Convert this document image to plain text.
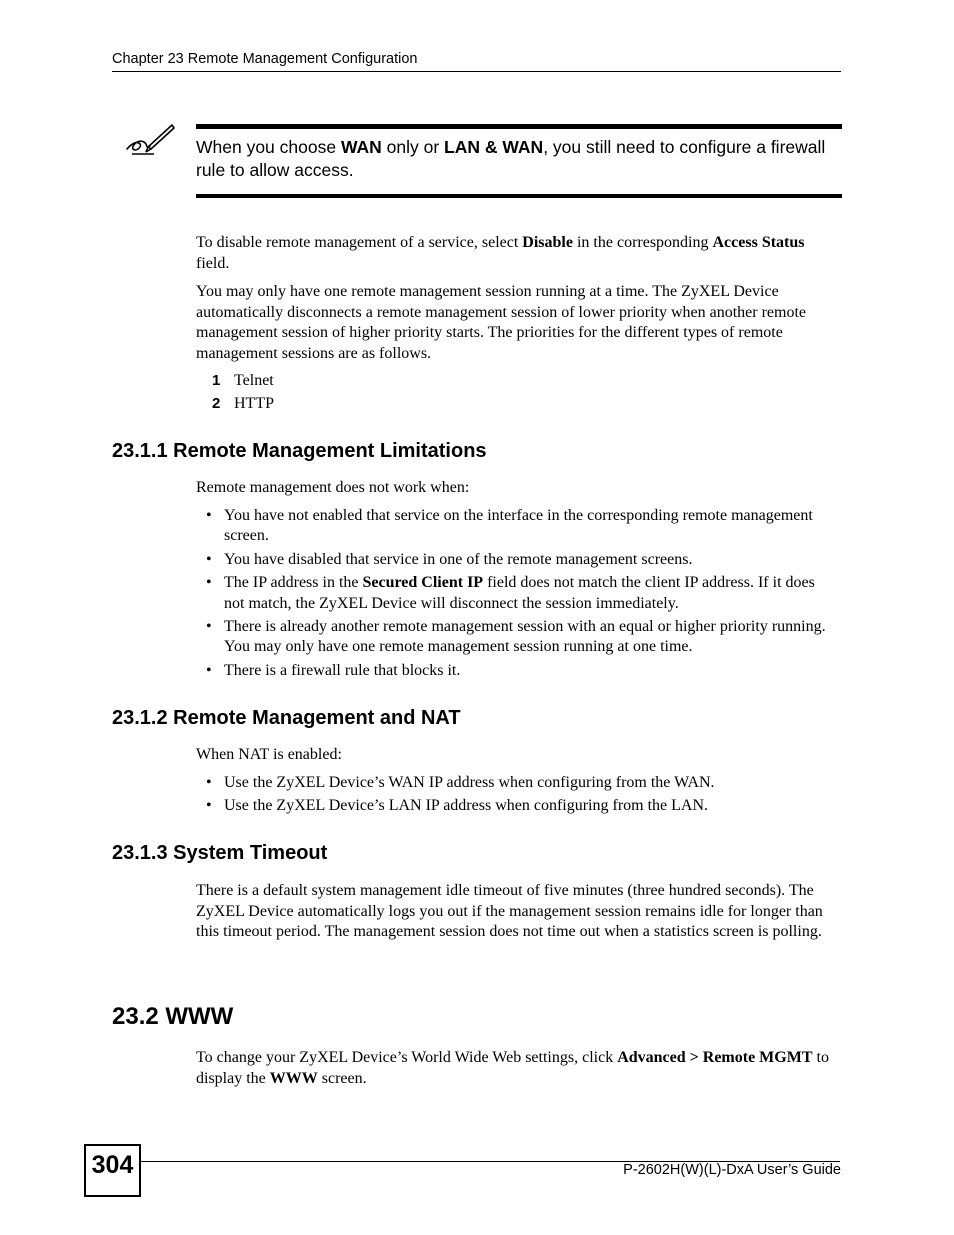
Chapter 23 Remote Management Configuration
When you choose WAN only or LAN & WAN, you still need to configure a firewall rule to allow access.
To disable remote management of a service, select Disable in the corresponding Access Status field.
You may only have one remote management session running at a time. The ZyXEL Device automatically disconnects a remote management session of lower priority when another remote management session of higher priority starts. The priorities for the different types of remote management sessions are as follows.
1 Telnet
2 HTTP
23.1.1 Remote Management Limitations
Remote management does not work when:
• You have not enabled that service on the interface in the corresponding remote management screen.
• You have disabled that service in one of the remote management screens.
• The IP address in the Secured Client IP field does not match the client IP address. If it does not match, the ZyXEL Device will disconnect the session immediately.
• There is already another remote management session with an equal or higher priority running. You may only have one remote management session running at one time.
• There is a firewall rule that blocks it.
23.1.2 Remote Management and NAT
When NAT is enabled:
• Use the ZyXEL Device’s WAN IP address when configuring from the WAN.
• Use the ZyXEL Device’s LAN IP address when configuring from the LAN.
23.1.3 System Timeout
There is a default system management idle timeout of five minutes (three hundred seconds). The ZyXEL Device automatically logs you out if the management session remains idle for longer than this timeout period. The management session does not time out when a statistics screen is polling.
23.2 WWW
To change your ZyXEL Device’s World Wide Web settings, click Advanced > Remote MGMT to display the WWW screen.
304	P-2602H(W)(L)-DxA User’s Guide
